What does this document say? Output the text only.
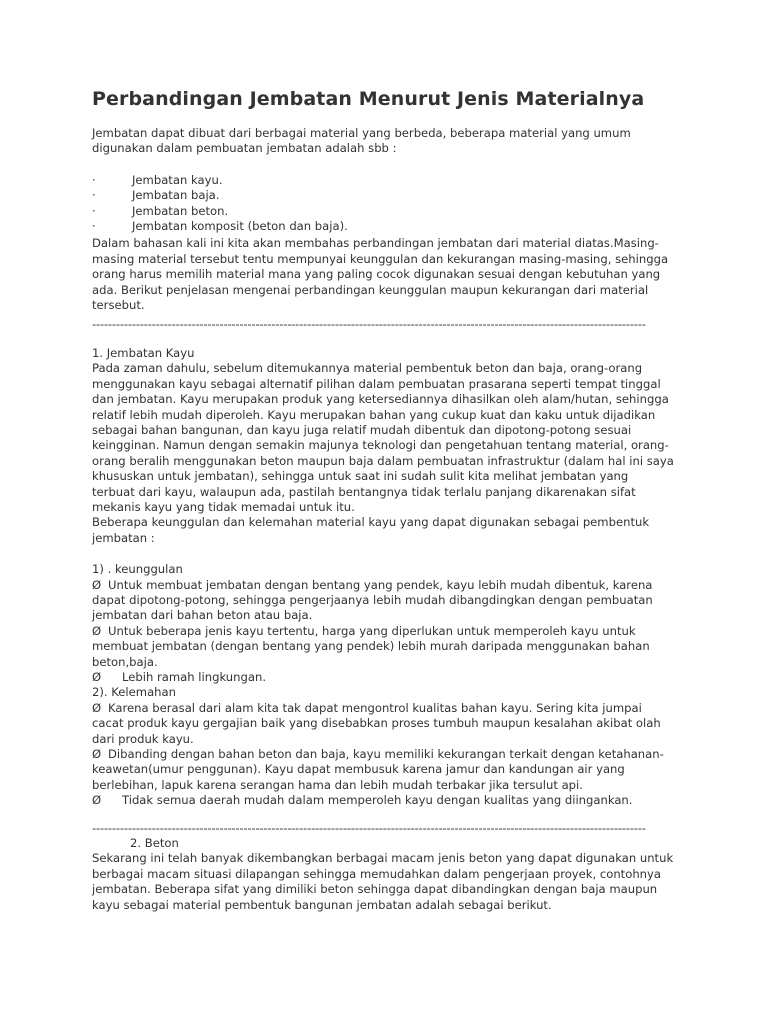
Perbandingan Jembatan Menurut Jenis Materialnya

Jembatan dapat dibuat dari berbagai material yang berbeda, beberapa material yang umum digunakan dalam pembuatan jembatan adalah sbb :

·	Jembatan kayu.
·	Jembatan baja.
·	Jembatan beton.
·	Jembatan komposit (beton dan baja).

Dalam bahasan kali ini kita akan membahas perbandingan jembatan dari material diatas.Masing-masing material tersebut tentu mempunyai keunggulan dan kekurangan masing-masing, sehingga orang harus memilih material mana yang paling cocok digunakan sesuai dengan kebutuhan yang ada. Berikut penjelasan mengenai perbandingan keunggulan maupun kekurangan dari material tersebut.

-------------------------------------------------------------------------------------------------------------------------------------------

1. Jembatan Kayu

Pada zaman dahulu, sebelum ditemukannya material pembentuk beton dan baja, orang-orang menggunakan kayu sebagai alternatif pilihan dalam pembuatan prasarana seperti tempat tinggal dan jembatan. Kayu merupakan produk yang ketersediannya dihasilkan oleh alam/hutan, sehingga relatif lebih mudah diperoleh. Kayu merupakan bahan yang cukup kuat dan kaku untuk dijadikan sebagai bahan bangunan, dan kayu juga relatif mudah dibentuk dan dipotong-potong sesuai keingginan. Namun dengan semakin majunya teknologi dan pengetahuan tentang material, orang-orang beralih menggunakan beton maupun baja dalam pembuatan infrastruktur (dalam hal ini saya khususkan untuk jembatan), sehingga untuk saat ini sudah sulit kita melihat jembatan yang terbuat dari kayu, walaupun ada, pastilah bentangnya tidak terlalu panjang dikarenakan sifat mekanis kayu yang tidak memadai untuk itu.

Beberapa keunggulan dan kelemahan material kayu yang dapat digunakan sebagai pembentuk jembatan :

1) . keunggulan

Ø Untuk membuat jembatan dengan bentang yang pendek, kayu lebih mudah dibentuk, karena dapat dipotong-potong, sehingga pengerjaanya lebih mudah dibangdingkan dengan pembuatan jembatan dari bahan beton atau baja.

Ø Untuk beberapa jenis kayu tertentu, harga yang diperlukan untuk memperoleh kayu untuk membuat jembatan (dengan bentang yang pendek) lebih murah daripada menggunakan bahan beton,baja.

Ø Lebih ramah lingkungan.

2). Kelemahan

Ø Karena berasal dari alam kita tak dapat mengontrol kualitas bahan kayu. Sering kita jumpai cacat produk kayu gergajian baik yang disebabkan proses tumbuh maupun kesalahan akibat olah dari produk kayu.

Ø Dibanding dengan bahan beton dan baja, kayu memiliki kekurangan terkait dengan ketahanan-keawetan(umur penggunan). Kayu dapat membusuk karena jamur dan kandungan air yang berlebihan, lapuk karena serangan hama dan lebih mudah terbakar jika tersulut api.

Ø Tidak semua daerah mudah dalam memperoleh kayu dengan kualitas yang diingankan.

-------------------------------------------------------------------------------------------------------------------------------------------

2. Beton

Sekarang ini telah banyak dikembangkan berbagai macam jenis beton yang dapat digunakan untuk berbagai macam situasi dilapangan sehingga memudahkan dalam pengerjaan proyek, contohnya jembatan. Beberapa sifat yang dimiliki beton sehingga dapat dibandingkan dengan baja maupun kayu sebagai material pembentuk bangunan jembatan adalah sebagai berikut.
